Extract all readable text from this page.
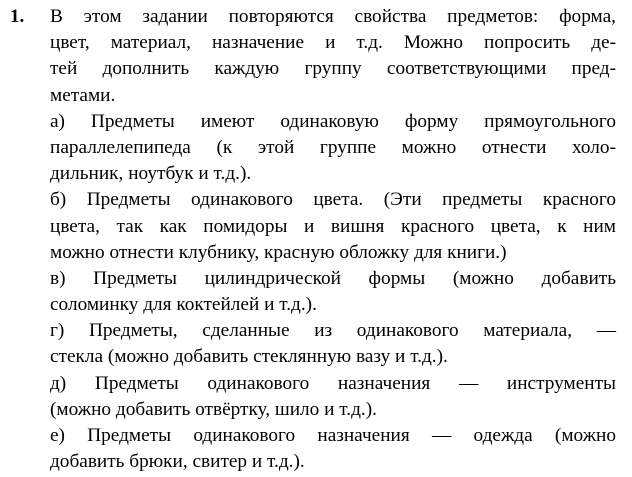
1. В этом задании повторяются свойства предметов: форма,
цвет, материал, назначение и т.д. Можно попросить де-
тей дополнить каждую группу соответствующими пред-
метами.
а) Предметы имеют одинаковую форму прямоугольного
параллелепипеда (к этой группе можно отнести холо-
дильник, ноутбук и т.д.).
б) Предметы одинакового цвета. (Эти предметы красного
цвета, так как помидоры и вишня красного цвета, к ним
можно отнести клубнику, красную обложку для книги.)
в) Предметы цилиндрической формы (можно добавить
соломинку для коктейлей и т.д.).
г) Предметы, сделанные из одинакового материала, —
стекла (можно добавить стеклянную вазу и т.д.).
д) Предметы одинакового назначения — инструменты
(можно добавить отвёртку, шило и т.д.).
е) Предметы одинакового назначения — одежда (можно
добавить брюки, свитер и т.д.).
